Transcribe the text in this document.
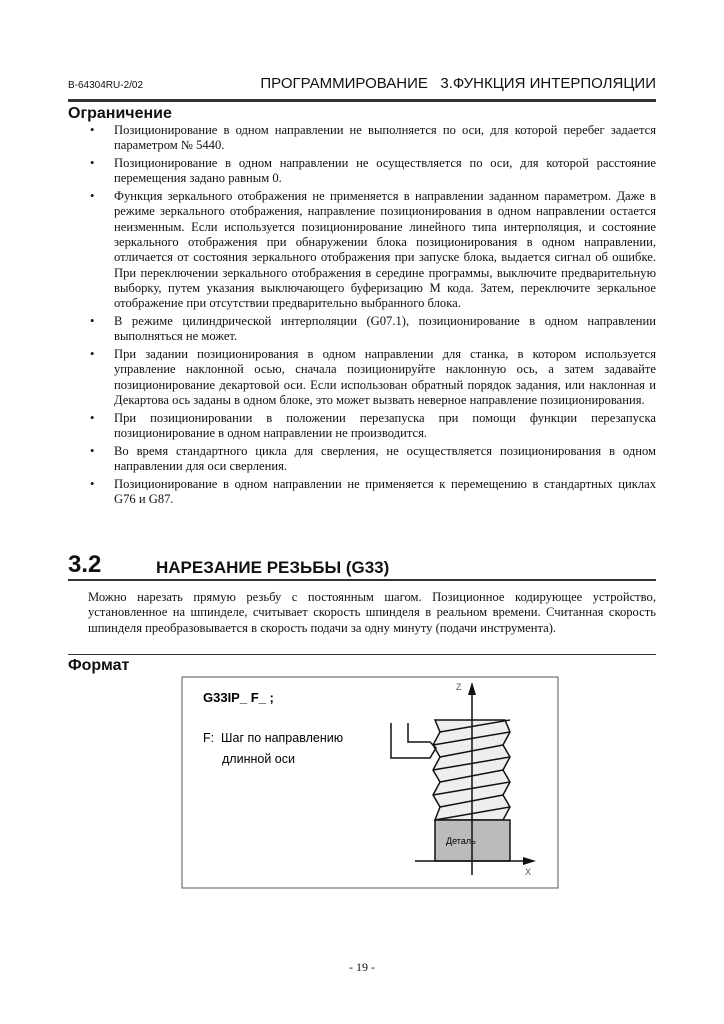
B-64304RU-2/02	ПРОГРАММИРОВАНИЕ   3.ФУНКЦИЯ ИНТЕРПОЛЯЦИИ
Ограничение
• Позиционирование в одном направлении не выполняется по оси, для которой перебег задается параметром № 5440.
• Позиционирование в одном направлении не осуществляется по оси, для которой расстояние перемещения задано равным 0.
• Функция зеркального отображения не применяется в направлении заданном параметром. Даже в режиме зеркального отображения, направление позиционирования в одном направлении остается неизменным. Если используется позиционирование линейного типа интерполяция, и состояние зеркального отображения при обнаружении блока позиционирования в одном направлении, отличается от состояния зеркального отображения при запуске блока, выдается сигнал об ошибке. При переключении зеркального отображения в середине программы, выключите предварительную выборку, путем указания выключающего буферизацию М кода. Затем, переключите зеркальное отображение при отсутствии предварительно выбранного блока.
• В режиме цилиндрической интерполяции (G07.1), позиционирование в одном направлении выполняться не может.
• При задании позиционирования в одном направлении для станка, в котором используется управление наклонной осью, сначала позиционируйте наклонную ось, а затем задавайте позиционирование декартовой оси. Если использован обратный порядок задания, или наклонная и Декартова ось заданы в одном блоке, это может вызвать неверное направление позиционирования.
• При позиционировании в положении перезапуска при помощи функции перезапуска позиционирование в одном направлении не производится.
• Во время стандартного цикла для сверления, не осуществляется позиционирования в одном направлении для оси сверления.
• Позиционирование в одном направлении не применяется к перемещению в стандартных циклах G76 и G87.
3.2	НАРЕЗАНИЕ РЕЗЬБЫ (G33)
Можно нарезать прямую резьбу с постоянным шагом. Позиционное кодирующее устройство, установленное на шпинделе, считывает скорость шпинделя в реальном времени. Считанная скорость шпинделя преобразовывается в скорость подачи за одну минуту (подачи инструмента).
Формат
G33IP_ F_ ;
F:  Шаг по направлению
длинной оси
Деталь
Z
X
- 19 -
